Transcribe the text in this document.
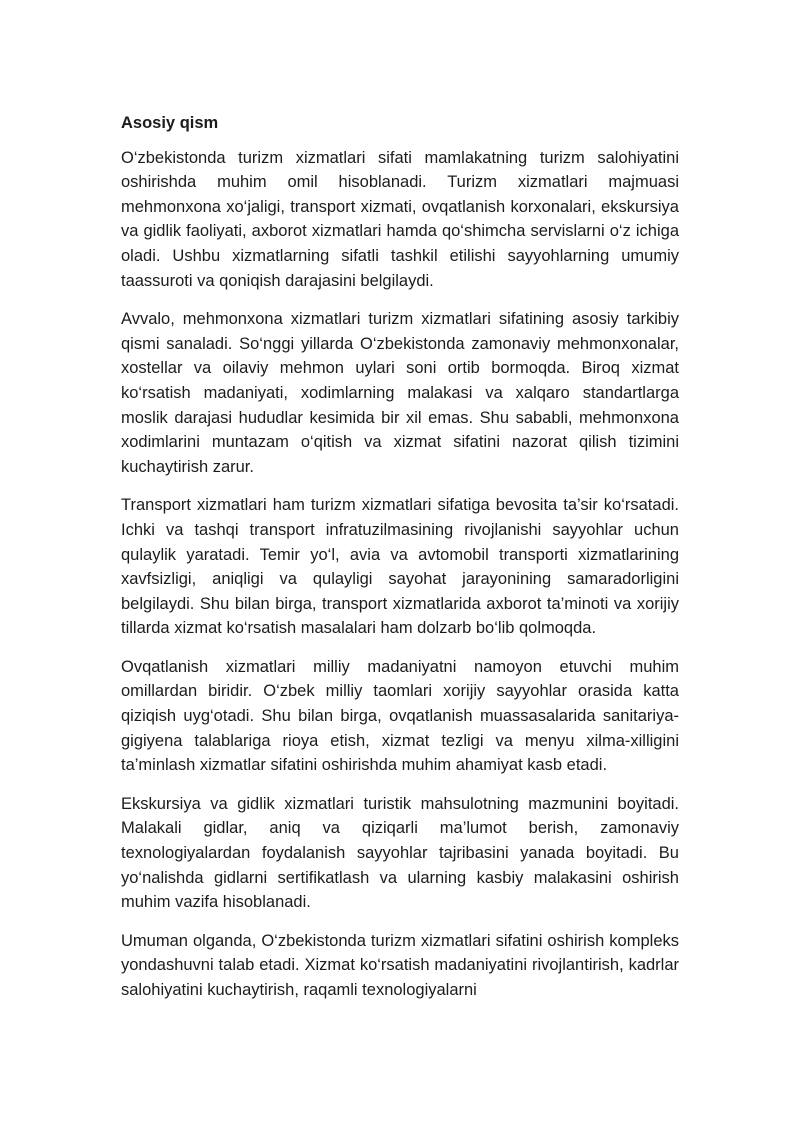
Asosiy qism

O‘zbekistonda turizm xizmatlari sifati mamlakatning turizm salohiyatini oshirishda muhim omil hisoblanadi. Turizm xizmatlari majmuasi mehmonxona xo‘jaligi, transport xizmati, ovqatlanish korxonalari, ekskursiya va gidlik faoliyati, axborot xizmatlari hamda qo‘shimcha servislarni o‘z ichiga oladi. Ushbu xizmatlarning sifatli tashkil etilishi sayyohlarning umumiy taassuroti va qoniqish darajasini belgilaydi.

Avvalo, mehmonxona xizmatlari turizm xizmatlari sifatining asosiy tarkibiy qismi sanaladi. So‘nggi yillarda O‘zbekistonda zamonaviy mehmonxonalar, xostellar va oilaviy mehmon uylari soni ortib bormoqda. Biroq xizmat ko‘rsatish madaniyati, xodimlarning malakasi va xalqaro standartlarga moslik darajasi hududlar kesimida bir xil emas. Shu sababli, mehmonxona xodimlarini muntazam o‘qitish va xizmat sifatini nazorat qilish tizimini kuchaytirish zarur.

Transport xizmatlari ham turizm xizmatlari sifatiga bevosita ta’sir ko‘rsatadi. Ichki va tashqi transport infratuzilmasining rivojlanishi sayyohlar uchun qulaylik yaratadi. Temir yo‘l, avia va avtomobil transporti xizmatlarining xavfsizligi, aniqligi va qulayligi sayohat jarayonining samaradorligini belgilaydi. Shu bilan birga, transport xizmatlarida axborot ta’minoti va xorijiy tillarda xizmat ko‘rsatish masalalari ham dolzarb bo‘lib qolmoqda.

Ovqatlanish xizmatlari milliy madaniyatni namoyon etuvchi muhim omillardan biridir. O‘zbek milliy taomlari xorijiy sayyohlar orasida katta qiziqish uyg‘otadi. Shu bilan birga, ovqatlanish muassasalarida sanitariya-gigiyena talablariga rioya etish, xizmat tezligi va menyu xilma-xilligini ta’minlash xizmatlar sifatini oshirishda muhim ahamiyat kasb etadi.

Ekskursiya va gidlik xizmatlari turistik mahsulotning mazmunini boyitadi. Malakali gidlar, aniq va qiziqarli ma’lumot berish, zamonaviy texnologiyalardan foydalanish sayyohlar tajribasini yanada boyitadi. Bu yo‘nalishda gidlarni sertifikatlash va ularning kasbiy malakasini oshirish muhim vazifa hisoblanadi.

Umuman olganda, O‘zbekistonda turizm xizmatlari sifatini oshirish kompleks yondashuvni talab etadi. Xizmat ko‘rsatish madaniyatini rivojlantirish, kadrlar salohiyatini kuchaytirish, raqamli texnologiyalarni
